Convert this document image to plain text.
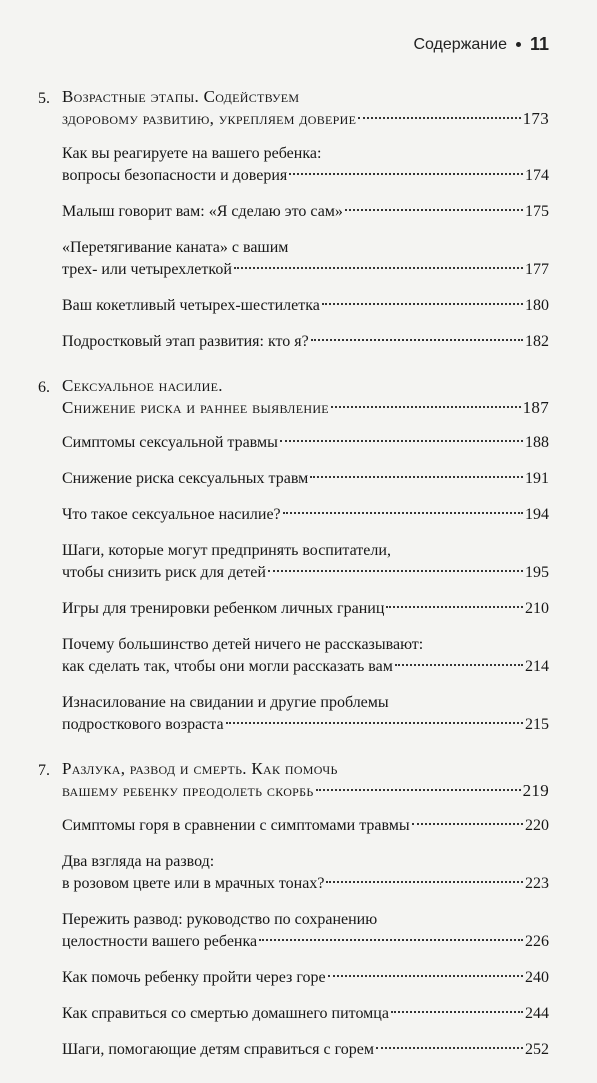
Содержание 11
5. Возрастные этапы. Содействуем
здоровому развитию, укрепляем доверие	173
Как вы реагируете на вашего ребенка:
вопросы безопасности и доверия	174
Малыш говорит вам: «Я сделаю это сам»	175
«Перетягивание каната» с вашим
трех- или четырехлеткой	177
Ваш кокетливый четырех-шестилетка	180
Подростковый этап развития: кто я?	182
6. Сексуальное насилие.
Снижение риска и раннее выявление	187
Симптомы сексуальной травмы	188
Снижение риска сексуальных травм	191
Что такое сексуальное насилие?	194
Шаги, которые могут предпринять воспитатели,
чтобы снизить риск для детей	195
Игры для тренировки ребенком личных границ	210
Почему большинство детей ничего не рассказывают:
как сделать так, чтобы они могли рассказать вам	214
Изнасилование на свидании и другие проблемы
подросткового возраста	215
7. Разлука, развод и смерть. Как помочь
вашему ребенку преодолеть скорбь	219
Симптомы горя в сравнении с симптомами травмы	220
Два взгляда на развод:
в розовом цвете или в мрачных тонах?	223
Пережить развод: руководство по сохранению
целостности вашего ребенка	226
Как помочь ребенку пройти через горе	240
Как справиться со смертью домашнего питомца	244
Шаги, помогающие детям справиться с горем	252
